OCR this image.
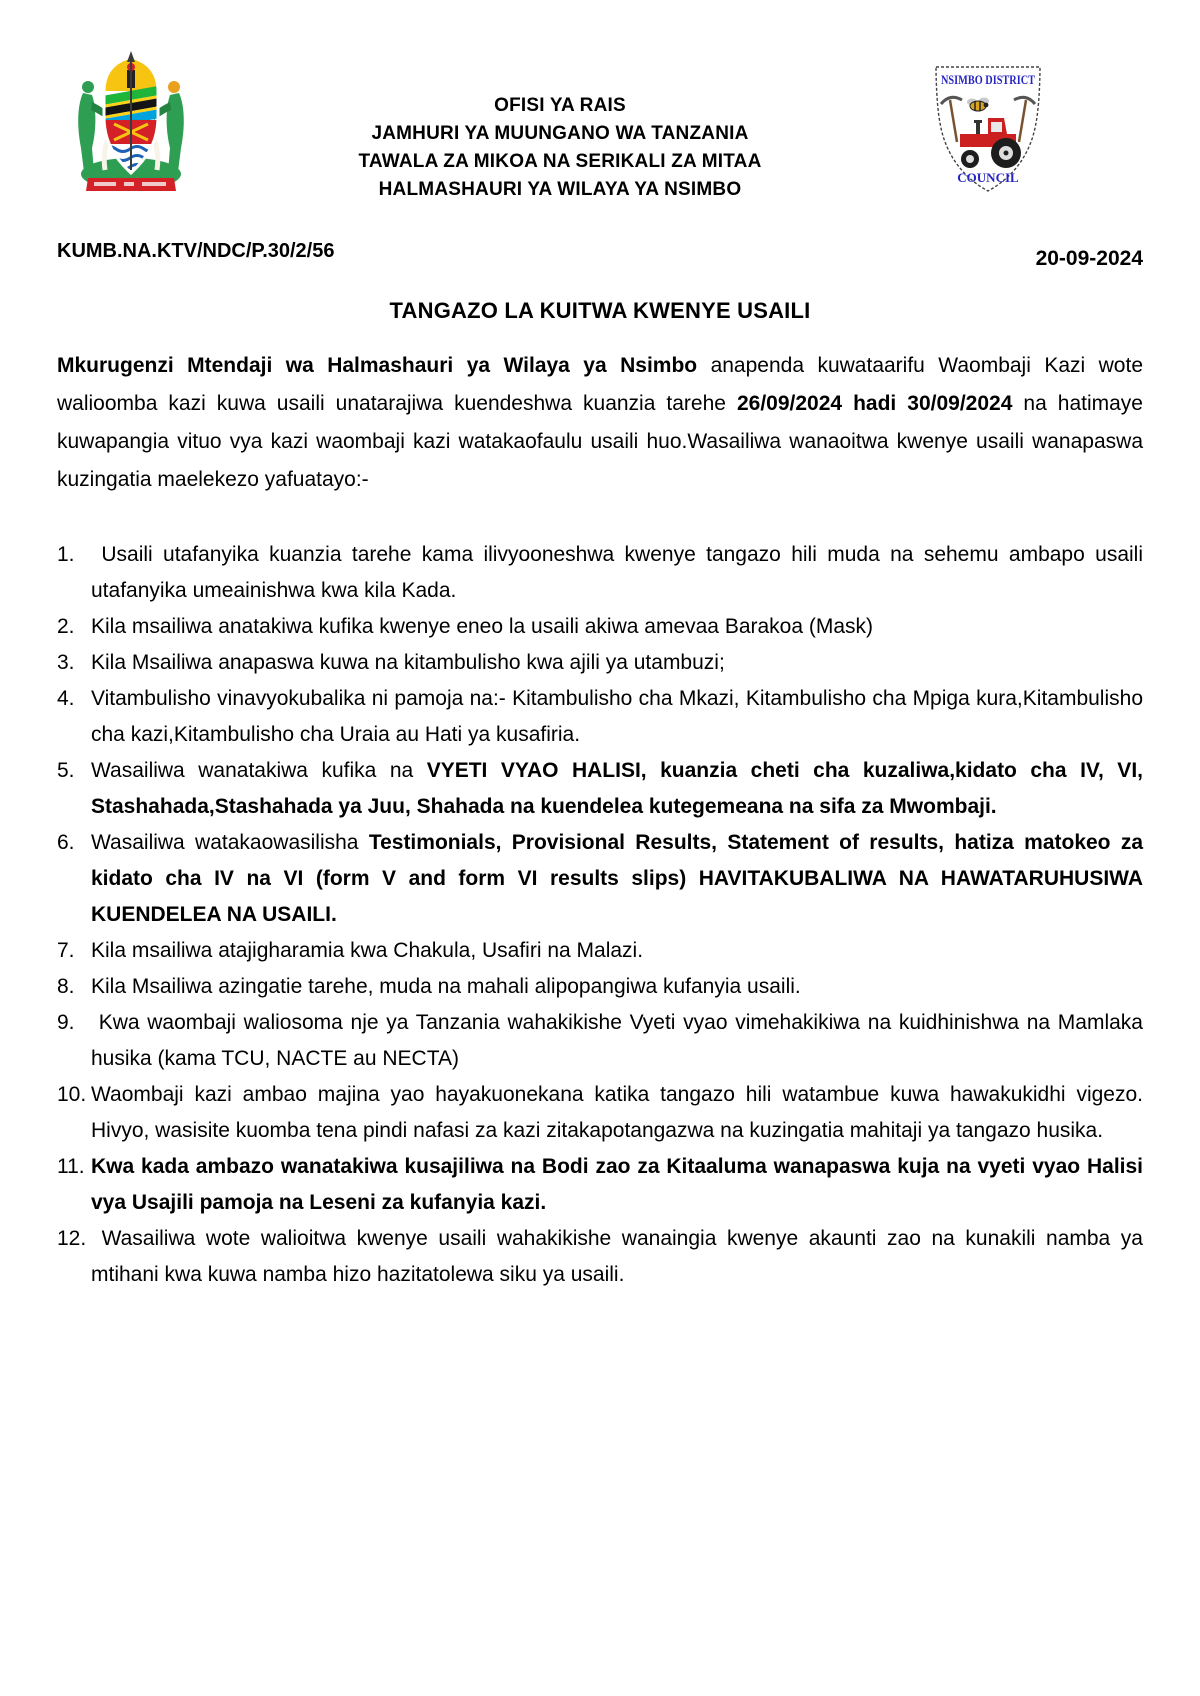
NSIMBO DISTRICT
COUNCIL
OFISI YA RAIS
JAMHURI YA MUUNGANO WA TANZANIA
TAWALA ZA MIKOA NA SERIKALI ZA MITAA
HALMASHAURI YA WILAYA YA NSIMBO
KUMB.NA.KTV/NDC/P.30/2/56	20-09-2024
TANGAZO LA KUITWA KWENYE USAILI

Mkurugenzi Mtendaji wa Halmashauri ya Wilaya ya Nsimbo anapenda kuwataarifu Waombaji Kazi wote walioomba kazi kuwa usaili unatarajiwa kuendeshwa kuanzia tarehe 26/09/2024 hadi 30/09/2024 na hatimaye kuwapangia vituo vya kazi waombaji kazi watakaofaulu usaili huo.Wasailiwa wanaoitwa kwenye usaili wanapaswa kuzingatia maelekezo yafuatayo:-

1. Usaili utafanyika kuanzia tarehe kama ilivyooneshwa kwenye tangazo hili muda na sehemu ambapo usaili utafanyika umeainishwa kwa kila Kada.
2. Kila msailiwa anatakiwa kufika kwenye eneo la usaili akiwa amevaa Barakoa (Mask)
3. Kila Msailiwa anapaswa kuwa na kitambulisho kwa ajili ya utambuzi;
4. Vitambulisho vinavyokubalika ni pamoja na:- Kitambulisho cha Mkazi, Kitambulisho cha Mpiga kura,Kitambulisho cha kazi,Kitambulisho cha Uraia au Hati ya kusafiria.
5. Wasailiwa wanatakiwa kufika na VYETI VYAO HALISI, kuanzia cheti cha kuzaliwa,kidato cha IV, VI, Stashahada,Stashahada ya Juu, Shahada na kuendelea kutegemeana na sifa za Mwombaji.
6. Wasailiwa watakaowasilisha Testimonials, Provisional Results, Statement of results, hatiza matokeo za kidato cha IV na VI (form V and form VI results slips) HAVITAKUBALIWA NA HAWATARUHUSIWA KUENDELEA NA USAILI.
7. Kila msailiwa atajigharamia kwa Chakula, Usafiri na Malazi.
8. Kila Msailiwa azingatie tarehe, muda na mahali alipopangiwa kufanyia usaili.
9. Kwa waombaji waliosoma nje ya Tanzania wahakikishe Vyeti vyao vimehakikiwa na kuidhinishwa na Mamlaka husika (kama TCU, NACTE au NECTA)
10. Waombaji kazi ambao majina yao hayakuonekana katika tangazo hili watambue kuwa hawakukidhi vigezo. Hivyo, wasisite kuomba tena pindi nafasi za kazi zitakapotangazwa na kuzingatia mahitaji ya tangazo husika.
11. Kwa kada ambazo wanatakiwa kusajiliwa na Bodi zao za Kitaaluma wanapaswa kuja na vyeti vyao Halisi vya Usajili pamoja na Leseni za kufanyia kazi.
12. Wasailiwa wote walioitwa kwenye usaili wahakikishe wanaingia kwenye akaunti zao na kunakili namba ya mtihani kwa kuwa namba hizo hazitatolewa siku ya usaili.
